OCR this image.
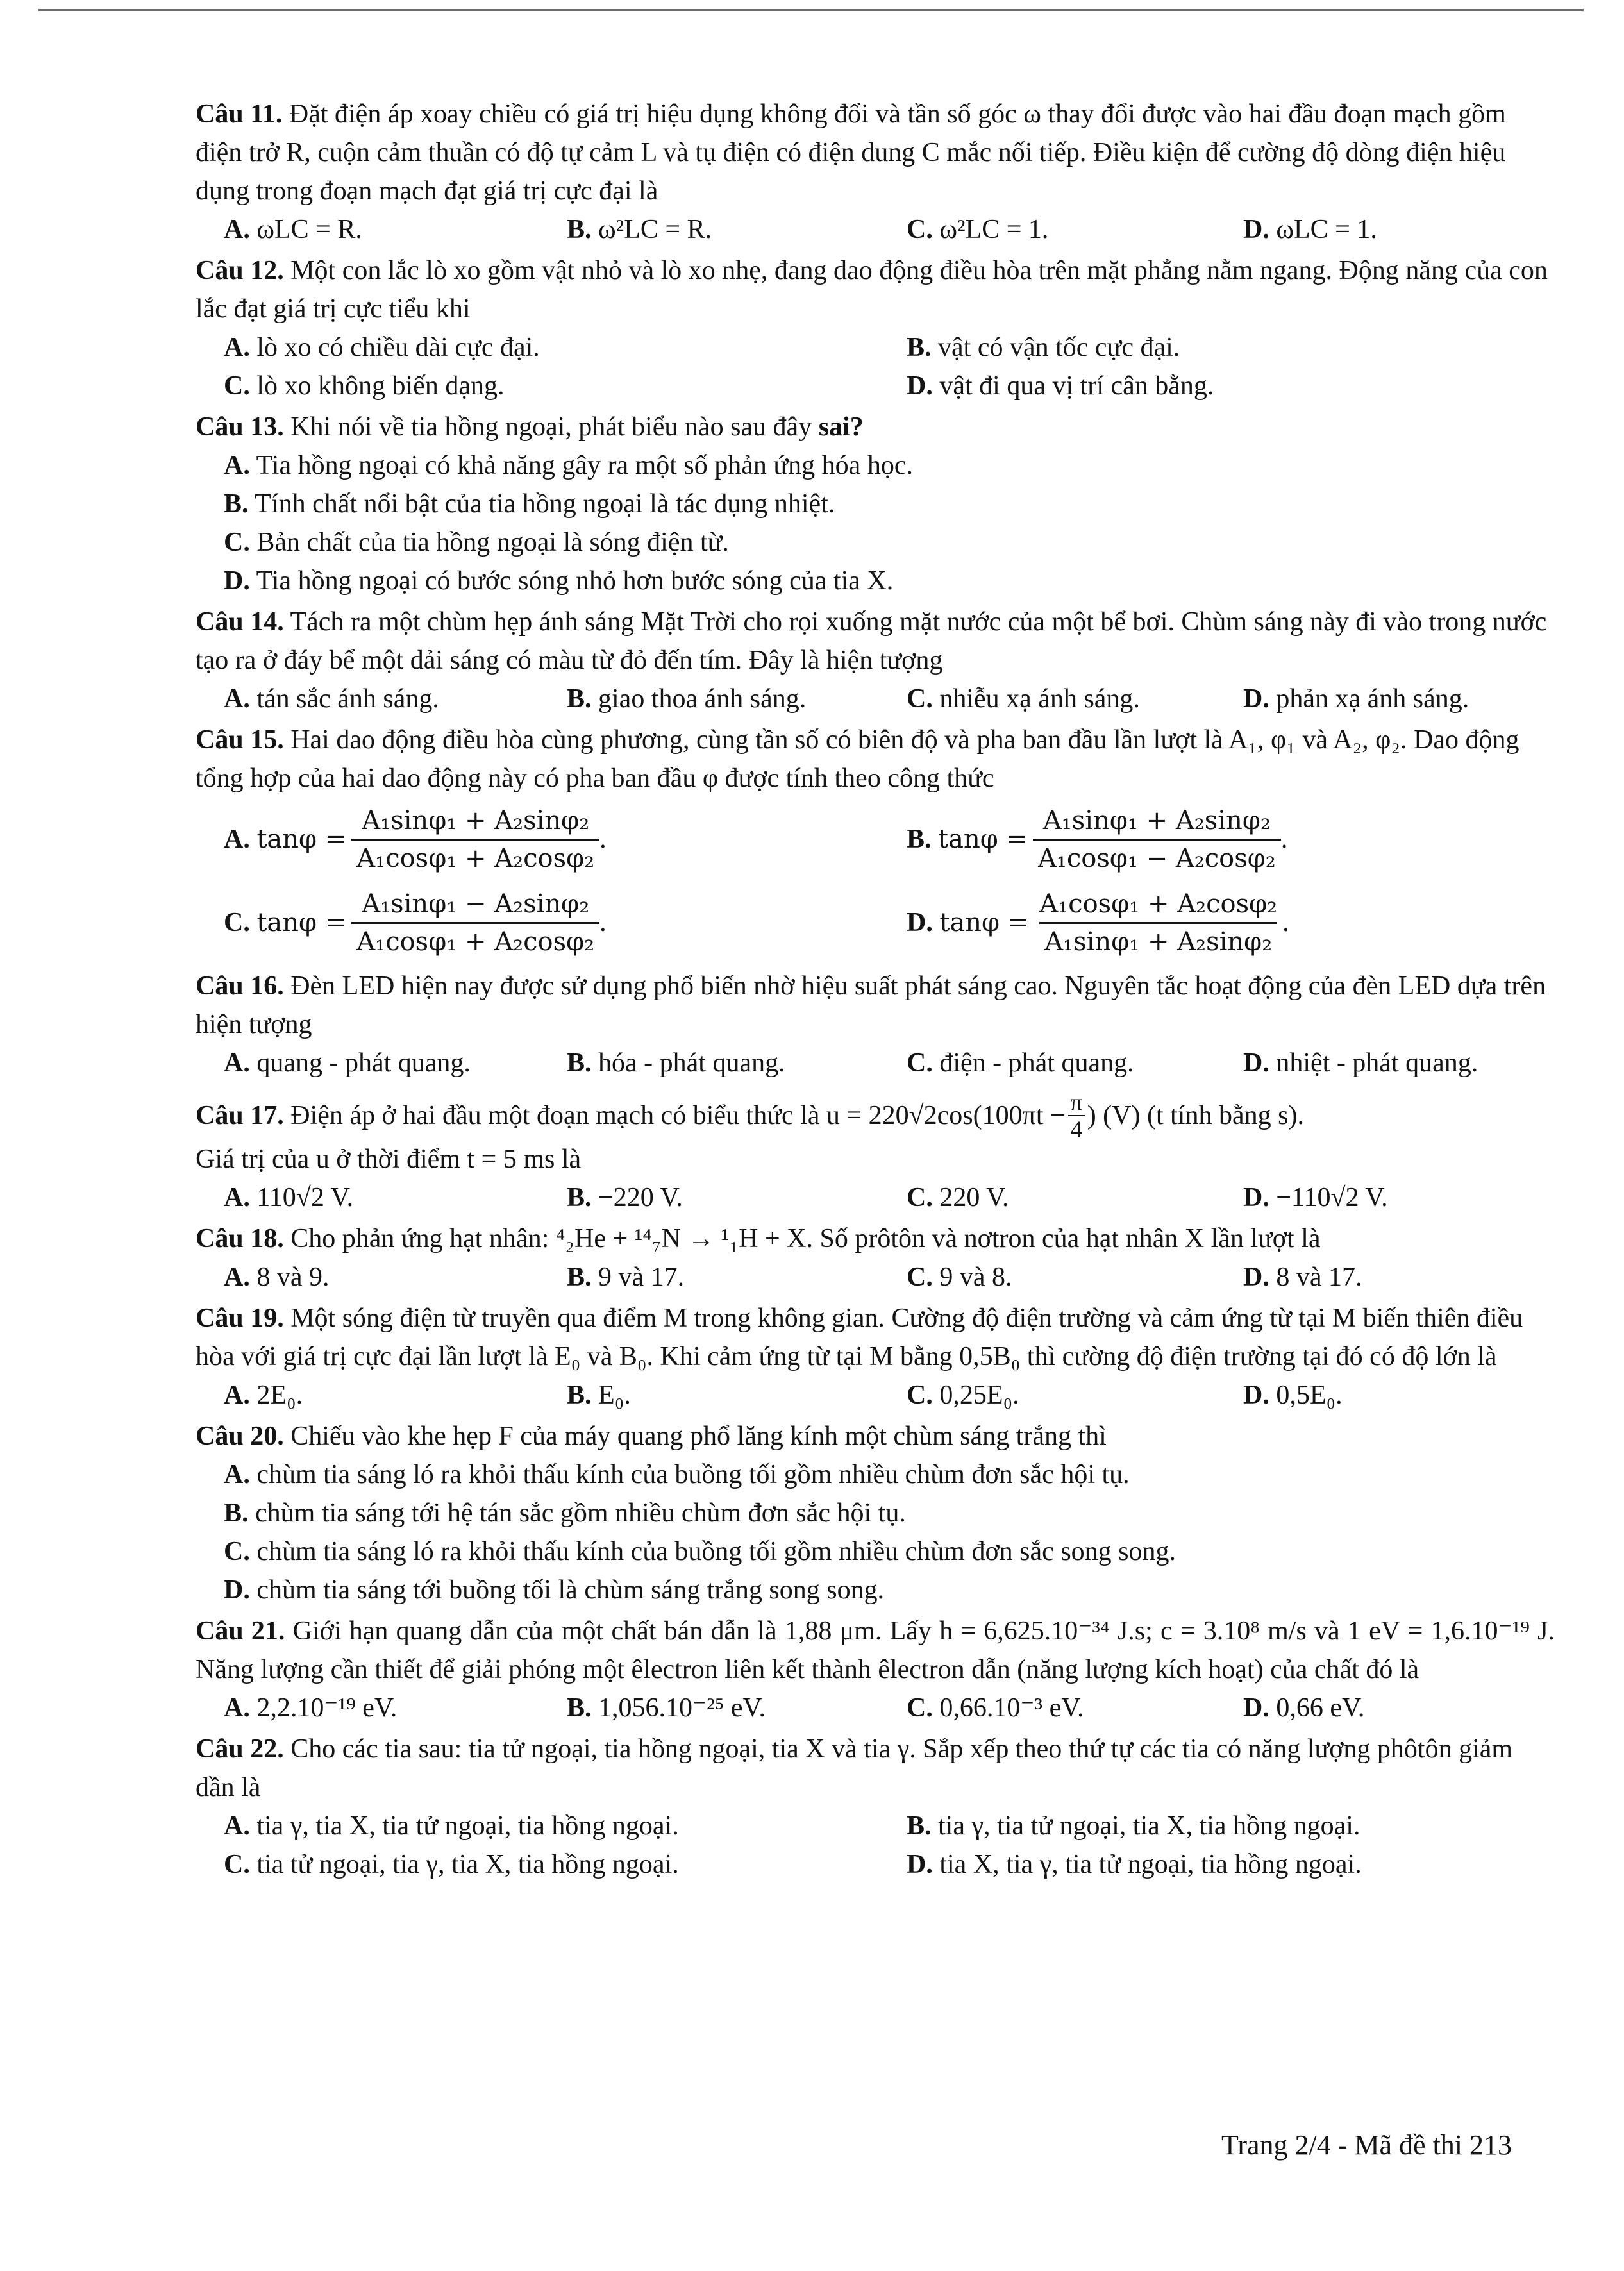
Câu 11. Đặt điện áp xoay chiều có giá trị hiệu dụng không đổi và tần số góc ω thay đổi được vào hai đầu đoạn mạch gồm điện trở R, cuộn cảm thuần có độ tự cảm L và tụ điện có điện dung C mắc nối tiếp. Điều kiện để cường độ dòng điện hiệu dụng trong đoạn mạch đạt giá trị cực đại là

A. ωLC = R.	B. ω²LC = R.	C. ω²LC = 1.	D. ωLC = 1.

Câu 12. Một con lắc lò xo gồm vật nhỏ và lò xo nhẹ, đang dao động điều hòa trên mặt phẳng nằm ngang. Động năng của con lắc đạt giá trị cực tiểu khi

A. lò xo có chiều dài cực đại.	B. vật có vận tốc cực đại.
C. lò xo không biến dạng.	D. vật đi qua vị trí cân bằng.

Câu 13. Khi nói về tia hồng ngoại, phát biểu nào sau đây sai?

A. Tia hồng ngoại có khả năng gây ra một số phản ứng hóa học.
B. Tính chất nổi bật của tia hồng ngoại là tác dụng nhiệt.
C. Bản chất của tia hồng ngoại là sóng điện từ.
D. Tia hồng ngoại có bước sóng nhỏ hơn bước sóng của tia X.

Câu 14. Tách ra một chùm hẹp ánh sáng Mặt Trời cho rọi xuống mặt nước của một bể bơi. Chùm sáng này đi vào trong nước tạo ra ở đáy bể một dải sáng có màu từ đỏ đến tím. Đây là hiện tượng

A. tán sắc ánh sáng.	B. giao thoa ánh sáng.	C. nhiễu xạ ánh sáng.	D. phản xạ ánh sáng.

Câu 15. Hai dao động điều hòa cùng phương, cùng tần số có biên độ và pha ban đầu lần lượt là A₁, φ₁ và A₂, φ₂. Dao động tổng hợp của hai dao động này có pha ban đầu φ được tính theo công thức

A.
$\tan\varphi = \frac{\text{A₁sinφ₁ + A₂sinφ₂}}{\text{A₁cosφ₁ + A₂cosφ₂}}$ .	B.
$\tan\varphi = \frac{\text{A₁sinφ₁ + A₂sinφ₂}}{\text{A₁cosφ₁ − A₂cosφ₂}}$ .
C.
$\tan\varphi = \frac{\text{A₁sinφ₁ − A₂sinφ₂}}{\text{A₁cosφ₁ + A₂cosφ₂}}$ .	D.
$\tan\varphi = \frac{\text{A₁cosφ₁ + A₂cosφ₂}}{\text{A₁sinφ₁ + A₂sinφ₂}}$ .

Câu 16. Đèn LED hiện nay được sử dụng phổ biến nhờ hiệu suất phát sáng cao. Nguyên tắc hoạt động của đèn LED dựa trên hiện tượng

A. quang - phát quang.	B. hóa - phát quang.	C. điện - phát quang.	D. nhiệt - phát quang.

Câu 17.
Điện áp ở hai đầu một đoạn mạch có biểu thức là $u = 220√2\cos(100\pi t - \frac{\pi}{4}$ ) (V) (t tính bằng s).

Giá trị của u ở thời điểm t = 5 ms là

A. 110√2 V.	B. −220 V.	C. 220 V.	D. −110√2 V.

Câu 18. Cho phản ứng hạt nhân: ⁴₂He + ¹⁴₇N → ¹₁H + X. Số prôtôn và nơtron của hạt nhân X lần lượt là

A. 8 và 9.	B. 9 và 17.	C. 9 và 8.	D. 8 và 17.

Câu 19. Một sóng điện từ truyền qua điểm M trong không gian. Cường độ điện trường và cảm ứng từ tại M biến thiên điều hòa với giá trị cực đại lần lượt là E₀ và B₀. Khi cảm ứng từ tại M bằng 0,5B₀ thì cường độ điện trường tại đó có độ lớn là

A. 2E₀.	B. E₀.	C. 0,25E₀.	D. 0,5E₀.

Câu 20. Chiếu vào khe hẹp F của máy quang phổ lăng kính một chùm sáng trắng thì

A. chùm tia sáng ló ra khỏi thấu kính của buồng tối gồm nhiều chùm đơn sắc hội tụ.
B. chùm tia sáng tới hệ tán sắc gồm nhiều chùm đơn sắc hội tụ.
C. chùm tia sáng ló ra khỏi thấu kính của buồng tối gồm nhiều chùm đơn sắc song song.
D. chùm tia sáng tới buồng tối là chùm sáng trắng song song.

Câu 21. Giới hạn quang dẫn của một chất bán dẫn là 1,88 μm. Lấy h = 6,625.10⁻³⁴ J.s; c = 3.10⁸ m/s và 1 eV = 1,6.10⁻¹⁹ J. Năng lượng cần thiết để giải phóng một êlectron liên kết thành êlectron dẫn (năng lượng kích hoạt) của chất đó là

A. 2,2.10⁻¹⁹ eV.	B. 1,056.10⁻²⁵ eV.	C. 0,66.10⁻³ eV.	D. 0,66 eV.

Câu 22. Cho các tia sau: tia tử ngoại, tia hồng ngoại, tia X và tia γ. Sắp xếp theo thứ tự các tia có năng lượng phôtôn giảm dần là

A. tia γ, tia X, tia tử ngoại, tia hồng ngoại.	B. tia γ, tia tử ngoại, tia X, tia hồng ngoại.
C. tia tử ngoại, tia γ, tia X, tia hồng ngoại.	D. tia X, tia γ, tia tử ngoại, tia hồng ngoại.
Trang 2/4 - Mã đề thi 213
